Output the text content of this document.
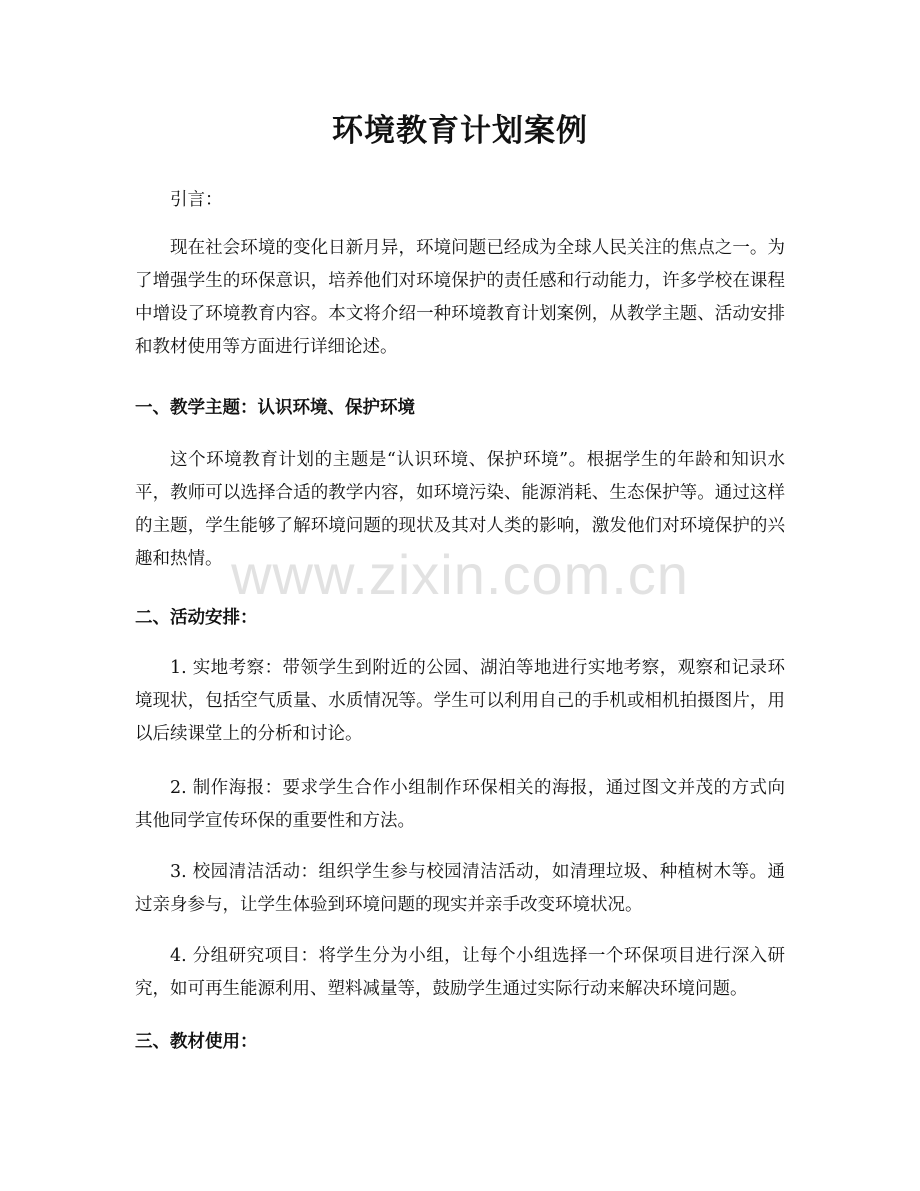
环境教育计划案例
引言：
现在社会环境的变化日新月异，环境问题已经成为全球人民关注的焦点之一。为了增强学生的环保意识，培养他们对环境保护的责任感和行动能力，许多学校在课程中增设了环境教育内容。本文将介绍一种环境教育计划案例，从教学主题、活动安排和教材使用等方面进行详细论述。
一、教学主题：认识环境、保护环境
这个环境教育计划的主题是“认识环境、保护环境”。根据学生的年龄和知识水平，教师可以选择合适的教学内容，如环境污染、能源消耗、生态保护等。通过这样的主题，学生能够了解环境问题的现状及其对人类的影响，激发他们对环境保护的兴趣和热情。
二、活动安排：
1. 实地考察：带领学生到附近的公园、湖泊等地进行实地考察，观察和记录环境现状，包括空气质量、水质情况等。学生可以利用自己的手机或相机拍摄图片，用以后续课堂上的分析和讨论。
2. 制作海报：要求学生合作小组制作环保相关的海报，通过图文并茂的方式向其他同学宣传环保的重要性和方法。
3. 校园清洁活动：组织学生参与校园清洁活动，如清理垃圾、种植树木等。通过亲身参与，让学生体验到环境问题的现实并亲手改变环境状况。
4. 分组研究项目：将学生分为小组，让每个小组选择一个环保项目进行深入研究，如可再生能源利用、塑料减量等，鼓励学生通过实际行动来解决环境问题。
三、教材使用：
www.zixin.com.cn
